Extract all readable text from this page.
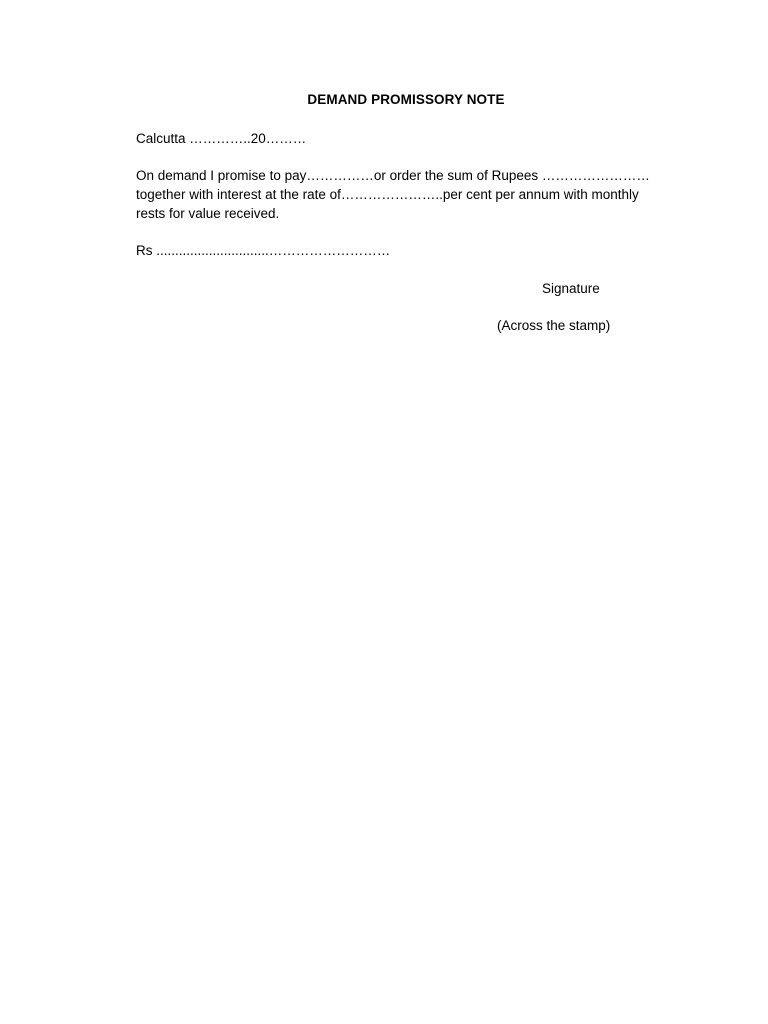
DEMAND PROMISSORY NOTE
Calcutta …………..20………
On demand I promise to pay……………or order the sum of Rupees ……………………
together with interest at the rate of…………………..per cent per annum with monthly
rests for value received.
Rs ..............................………………………
Signature
(Across the stamp)
